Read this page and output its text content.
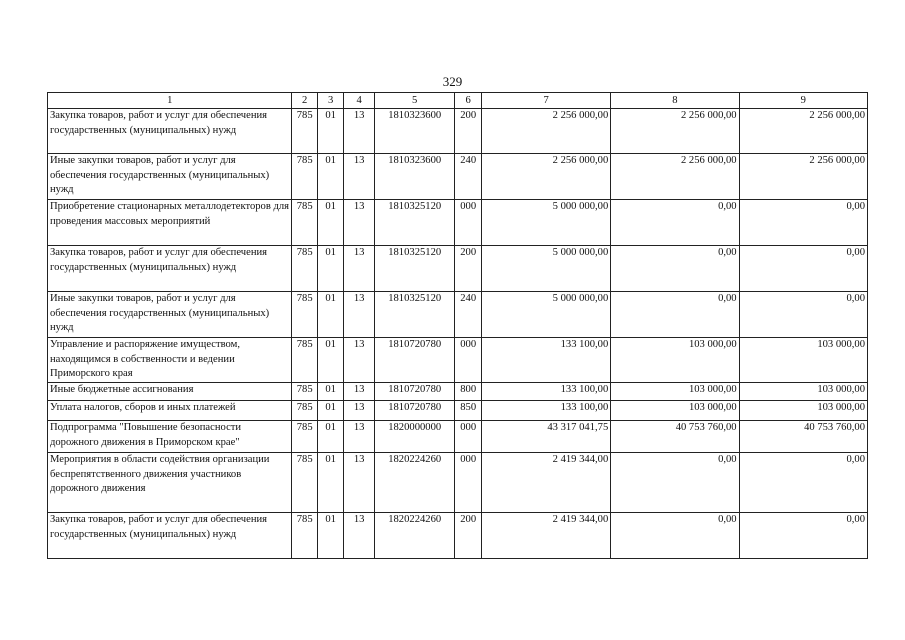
329
1	2	3	4	5	6	7	8	9
Закупка товаров, работ и услуг для обеспечения государственных (муниципальных) нужд	785	01	13	1810323600	200	2 256 000,00	2 256 000,00	2 256 000,00
Иные закупки товаров, работ и услуг для обеспечения государственных (муниципальных) нужд	785	01	13	1810323600	240	2 256 000,00	2 256 000,00	2 256 000,00
Приобретение стационарных металлодетекторов для проведения массовых мероприятий	785	01	13	1810325120	000	5 000 000,00	0,00	0,00
Закупка товаров, работ и услуг для обеспечения государственных (муниципальных) нужд	785	01	13	1810325120	200	5 000 000,00	0,00	0,00
Иные закупки товаров, работ и услуг для обеспечения государственных (муниципальных) нужд	785	01	13	1810325120	240	5 000 000,00	0,00	0,00
Управление и распоряжение имуществом, находящимся в собственности и ведении Приморского края	785	01	13	1810720780	000	133 100,00	103 000,00	103 000,00
Иные бюджетные ассигнования	785	01	13	1810720780	800	133 100,00	103 000,00	103 000,00
Уплата налогов, сборов и иных платежей	785	01	13	1810720780	850	133 100,00	103 000,00	103 000,00
Подпрограмма "Повышение безопасности дорожного движения в Приморском крае"	785	01	13	1820000000	000	43 317 041,75	40 753 760,00	40 753 760,00
Мероприятия в области содействия организации беспрепятственного движения участников дорожного движения	785	01	13	1820224260	000	2 419 344,00	0,00	0,00
Закупка товаров, работ и услуг для обеспечения государственных (муниципальных) нужд	785	01	13	1820224260	200	2 419 344,00	0,00	0,00
